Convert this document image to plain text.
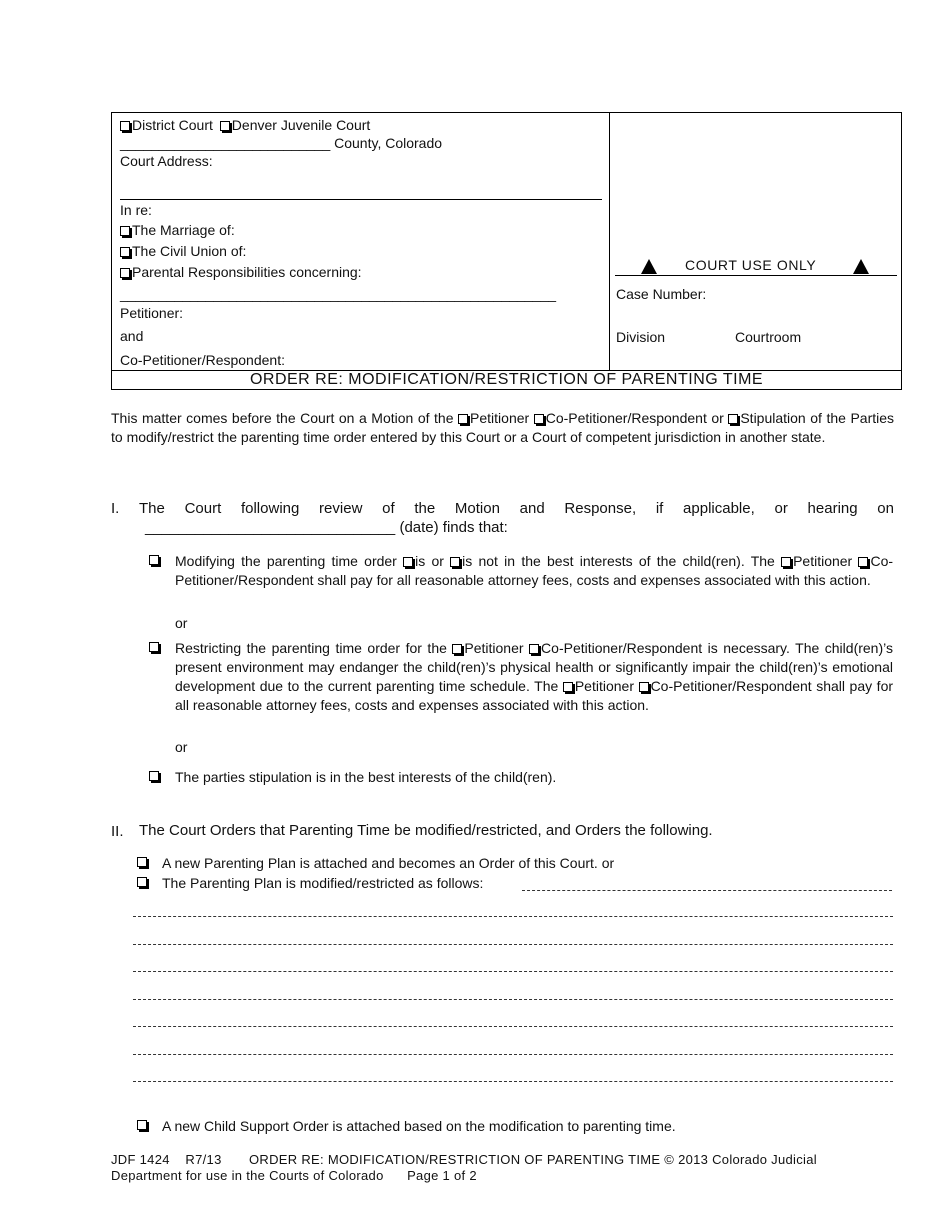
District Court Denver Juvenile Court
___________________________ County, Colorado
Court Address:
In re:
The Marriage of:
The Civil Union of:
Parental Responsibilities concerning:
________________________________________________________
Petitioner:
and
Co-Petitioner/Respondent:
COURT USE ONLY
Case Number:
Division	Courtroom
ORDER RE: MODIFICATION/RESTRICTION OF PARENTING TIME
This matter comes before the Court on a Motion of the Petitioner Co-Petitioner/Respondent or Stipulation of the Parties to modify/restrict the parenting time order entered by this Court or a Court of competent jurisdiction in another state.
I. The Court following review of the Motion and Response, if applicable, or hearing on
______________________________ (date) finds that:
Modifying the parenting time order is or is not in the best interests of the child(ren). The Petitioner Co-Petitioner/Respondent shall pay for all reasonable attorney fees, costs and expenses associated with this action.
or
Restricting the parenting time order for the Petitioner Co-Petitioner/Respondent is necessary. The child(ren)’s present environment may endanger the child(ren)’s physical health or significantly impair the child(ren)’s emotional development due to the current parenting time schedule. The Petitioner Co-Petitioner/Respondent shall pay for all reasonable attorney fees, costs and expenses associated with this action.
or
The parties stipulation is in the best interests of the child(ren).
II. The Court Orders that Parenting Time be modified/restricted, and Orders the following.
A new Parenting Plan is attached and becomes an Order of this Court. or
The Parenting Plan is modified/restricted as follows:
A new Child Support Order is attached based on the modification to parenting time.
JDF 1424    R7/13       ORDER RE: MODIFICATION/RESTRICTION OF PARENTING TIME © 2013 Colorado Judicial
Department for use in the Courts of Colorado      Page 1 of 2
